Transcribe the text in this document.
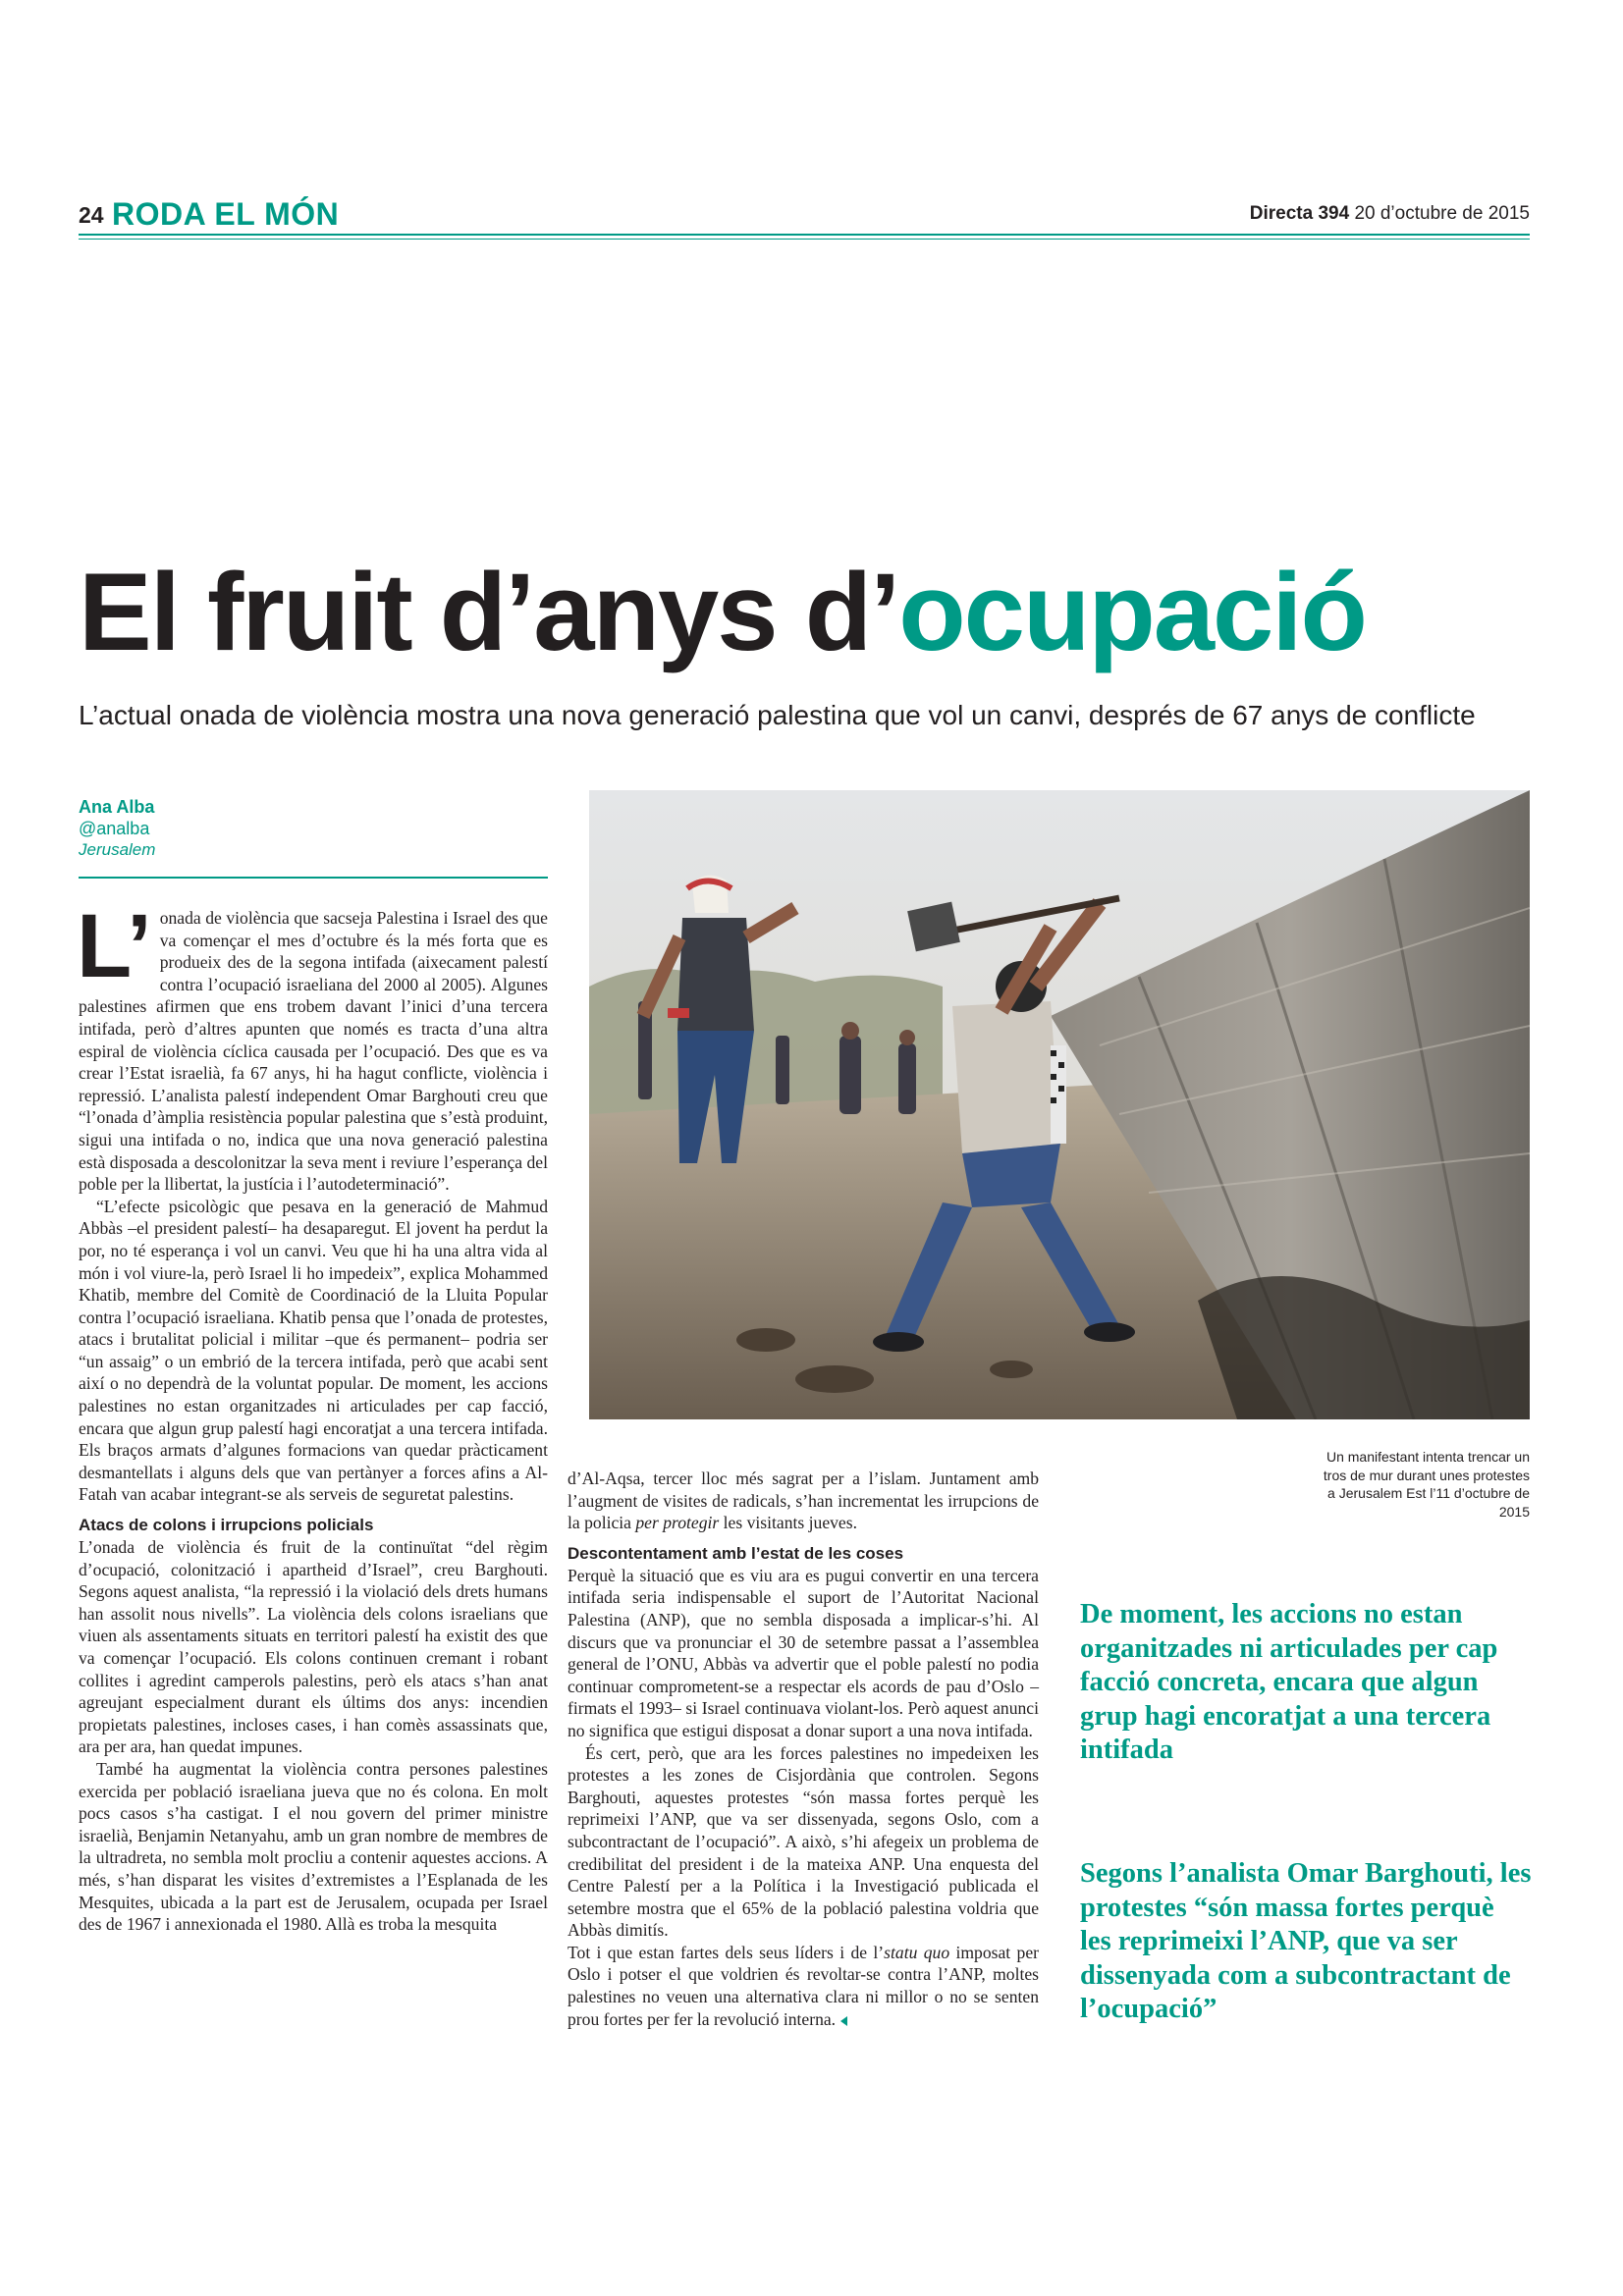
24 RODA EL MÓN	Directa 394 20 d’octubre de 2015
El fruit d’anys d’ocupació
L’actual onada de violència mostra una nova generació palestina que vol un canvi, després de 67 anys de conflicte
Ana Alba
@analba
Jerusalem

L’ onada de violència que sacseja Palestina i Israel des que va començar el mes d’octubre és la més forta que es produeix des de la segona intifada (aixecament palestí contra l’ocupació israeliana del 2000 al 2005). Algunes palestines afirmen que ens trobem davant l’inici d’una tercera intifada, però d’altres apunten que només es tracta d’una altra espiral de violència cíclica causada per l’ocupació. Des que es va crear l’Estat israelià, fa 67 anys, hi ha hagut conflicte, violència i repressió. L’analista palestí independent Omar Barghouti creu que “l’onada d’àmplia resistència popular palestina que s’està produint, sigui una intifada o no, indica que una nova generació palestina està disposada a descolonitzar la seva ment i reviure l’esperança del poble per la llibertat, la justícia i l’autodeterminació”.

“L’efecte psicològic que pesava en la generació de Mahmud Abbàs –el president palestí– ha desaparegut. El jovent ha perdut la por, no té esperança i vol un canvi. Veu que hi ha una altra vida al món i vol viure-la, però Israel li ho impedeix”, explica Mohammed Khatib, membre del Comitè de Coordinació de la Lluita Popular contra l’ocupació israeliana. Khatib pensa que l’onada de protestes, atacs i brutalitat policial i militar –que és permanent– podria ser “un assaig” o un embrió de la tercera intifada, però que acabi sent així o no dependrà de la voluntat popular. De moment, les accions palestines no estan organitzades ni articulades per cap facció, encara que algun grup palestí hagi encoratjat a una tercera intifada. Els braços armats d’algunes formacions van quedar pràcticament desmantellats i alguns dels que van pertànyer a forces afins a Al-Fatah van acabar integrant-se als serveis de seguretat palestins.

Atacs de colons i irrupcions policials

L’onada de violència és fruit de la continuïtat “del règim d’ocupació, colonització i apartheid d’Israel”, creu Barghouti. Segons aquest analista, “la repressió i la violació dels drets humans han assolit nous nivells”. La violència dels colons israelians que viuen als assentaments situats en territori palestí ha existit des que va començar l’ocupació. Els colons continuen cremant i robant collites i agredint camperols palestins, però els atacs s’han anat agreujant especialment durant els últims dos anys: incendien propietats palestines, incloses cases, i han comès assassinats que, ara per ara, han quedat impunes.

També ha augmentat la violència contra persones palestines exercida per població israeliana jueva que no és colona. En molt pocs casos s’ha castigat. I el nou govern del primer ministre israelià, Benjamin Netanyahu, amb un gran nombre de membres de la ultradreta, no sembla molt procliu a contenir aquestes accions. A més, s’han disparat les visites d’extremistes a l’Esplanada de les Mesquites, ubicada a la part est de Jerusalem, ocupada per Israel des de 1967 i annexionada el 1980. Allà es troba la mesquita

Un manifestant intenta trencar un tros de mur durant unes protestes a Jerusalem Est l’11 d’octubre de 2015

d’Al-Aqsa, tercer lloc més sagrat per a l’islam. Juntament amb l’augment de visites de radicals, s’han incrementat les irrupcions de la policia per protegir les visitants jueves.

Descontentament amb l’estat de les coses

Perquè la situació que es viu ara es pugui convertir en una tercera intifada seria indispensable el suport de l’Autoritat Nacional Palestina (ANP), que no sembla disposada a implicar-s’hi. Al discurs que va pronunciar el 30 de setembre passat a l’assemblea general de l’ONU, Abbàs va advertir que el poble palestí no podia continuar comprometent-se a respectar els acords de pau d’Oslo –firmats el 1993– si Israel continuava violant-los. Però aquest anunci no significa que estigui disposat a donar suport a una nova intifada.

És cert, però, que ara les forces palestines no impedeixen les protestes a les zones de Cisjordània que controlen. Segons Barghouti, aquestes protestes “són massa fortes perquè les reprimeixi l’ANP, que va ser dissenyada, segons Oslo, com a subcontractant de l’ocupació”. A això, s’hi afegeix un problema de credibilitat del president i de la mateixa ANP. Una enquesta del Centre Palestí per a la Política i la Investigació publicada el setembre mostra que el 65% de la població palestina voldria que Abbàs dimitís.

Tot i que estan fartes dels seus líders i de l’statu quo imposat per Oslo i potser el que voldrien és revoltar-se contra l’ANP, moltes palestines no veuen una alternativa clara ni millor o no se senten prou fortes per fer la revolució interna.

De moment, les accions no estan organitzades ni articulades per cap facció concreta, encara que algun grup hagi encoratjat a una tercera intifada
Segons l’analista Omar Barghouti, les protestes “són massa fortes perquè les reprimeixi l’ANP, que va ser dissenyada com a subcontractant de l’ocupació”
